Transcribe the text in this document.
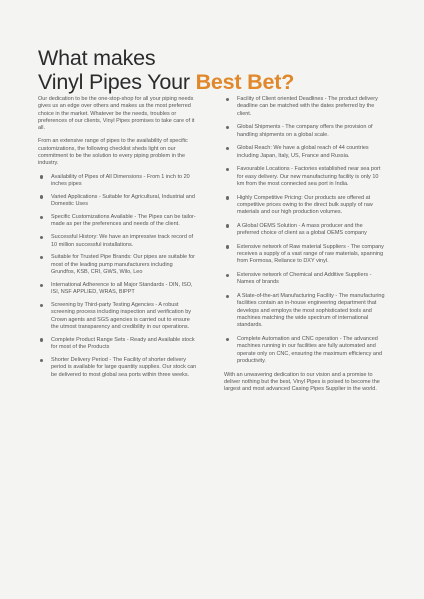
What makes
Vinyl Pipes Your Best Bet?

Our dedication to be the one-stop-shop for all your piping needs gives us an edge over others and makes us the most preferred choice in the market. Whatever be the needs, troubles or preferences of our clients, Vinyl Pipes promises to take care of it all.

From an extensive range of pipes to the availability of specific customizations, the following checklist sheds light on our commitment to be the solution to every piping problem in the industry.

Availability of Pipes of All Dimensions - From 1 inch to 20 inches pipes
Varied Applications - Suitable for Agricultural, Industrial and Domestic Uses
Specific Customizations Available - The Pipes can be tailor-made as per the preferences and needs of the client.
Successful History: We have an impressive track record of 10 million successful installations.
Suitable for Trusted Pipe Brands: Our pipes are suitable for most of the leading pump manufacturers including Grundfos, KSB, CRI, GWS, Wilo, Leo
International Adherence to all Major Standards - DIN, ISO, ISI, NSF APPLIED, WRAS, BIPPT
Screening by Third-party Testing Agencies - A robust screening process including inspection and verification by Crown agents and SGS agencies is carried out to ensure the utmost transparency and credibility in our operations.
Complete Product Range Sets - Ready and Available stock for most of the Products
Shorter Delivery Period - The Facility of shorter delivery period is available for large quantity supplies. Our stock can be delivered to most global sea ports within three weeks.
Facility of Client oriented Deadlines - The product delivery deadline can be matched with the dates preferred by the client.
Global Shipments - The company offers the provision of handling shipments on a global scale.
Global Reach: We have a global reach of 44 countries including Japan, Italy, US, France and Russia.
Favourable Locations - Factories established near sea port for easy delivery. Our new manufacturing facility is only 10 km from the most connected sea port in India.
Highly Competitive Pricing: Our products are offered at competitive prices owing to the direct bulk supply of raw materials and our high production volumes.
A Global OEMS Solution - A mass producer and the preferred choice of client as a global OEMS company
Extensive network of Raw material Suppliers - The company receives a supply of a vast range of raw materials, spanning from Formosa, Reliance to DXY vinyl.
Extensive network of Chemical and Additive Suppliers - Names of brands
A State-of-the-art Manufacturing Facility - The manufacturing facilities contain an in-house engineering department that develops and employs the most sophisticated tools and machines matching the wide spectrum of international standards.
Complete Automation and CNC operation - The advanced machines running in our facilities are fully automated and operate only on CNC, ensuring the maximum efficiency and productivity.

With an unwavering dedication to our vision and a promise to deliver nothing but the best, Vinyl Pipes is poised to become the largest and most advanced Casing Pipes Supplier in the world.
